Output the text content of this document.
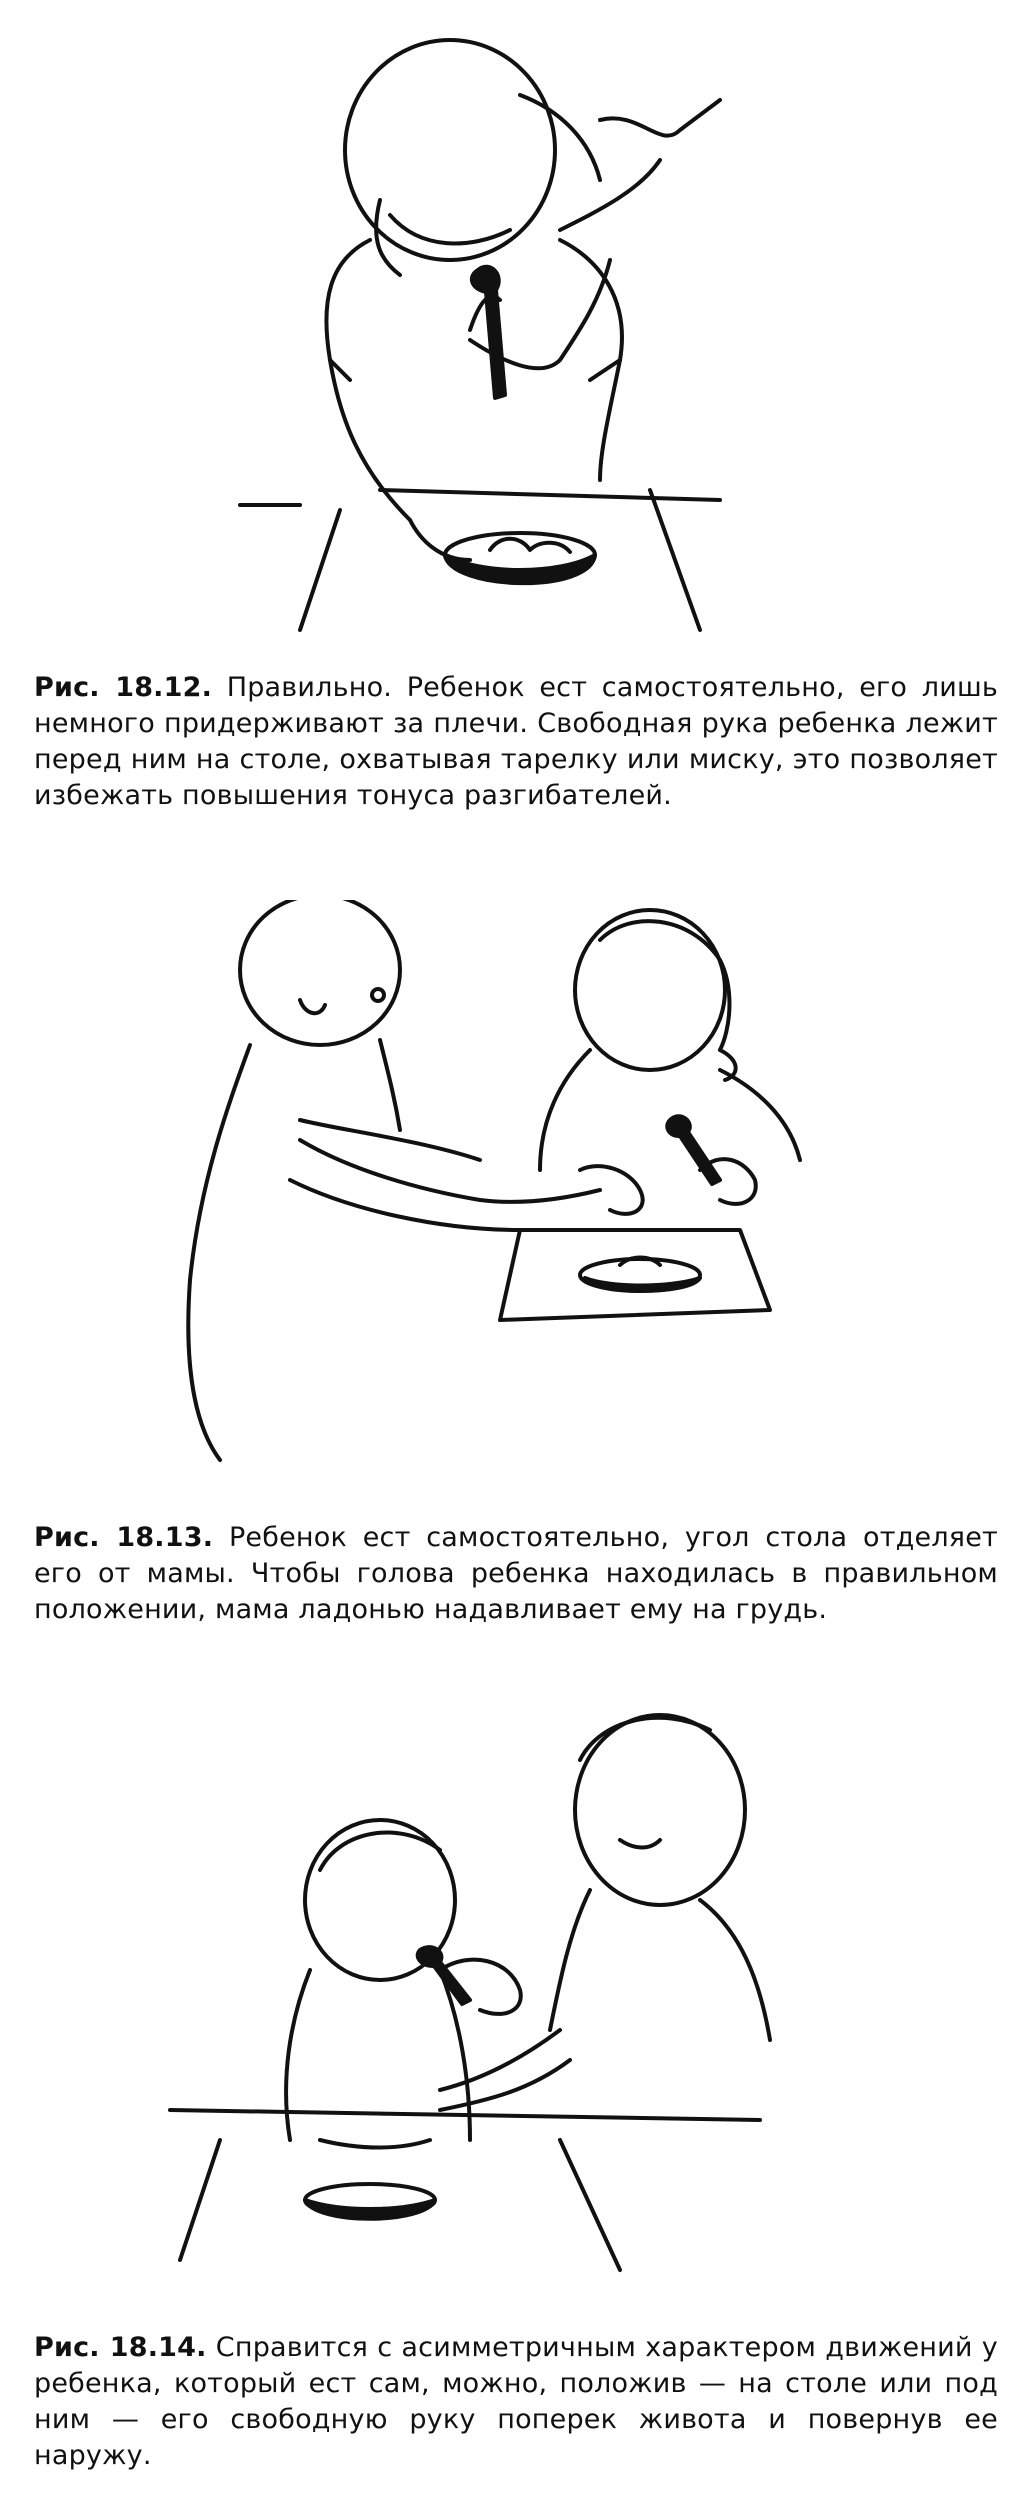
Рис. 18.12. Правильно. Ребенок ест самостоятельно, его лишь немного придерживают за плечи. Свободная рука ребенка лежит перед ним на столе, охватывая тарелку или миску, это позволяет избежать повышения тонуса разгибателей.
Рис. 18.13. Ребенок ест самостоятельно, угол стола отделяет его от мамы. Чтобы голова ребенка находилась в правильном положении, мама ладонью надавливает ему на грудь.
Рис. 18.14. Справится с асимметричным характером движений у ребенка, который ест сам, можно, положив — на столе или под ним — его свободную руку поперек живота и повернув ее наружу.
